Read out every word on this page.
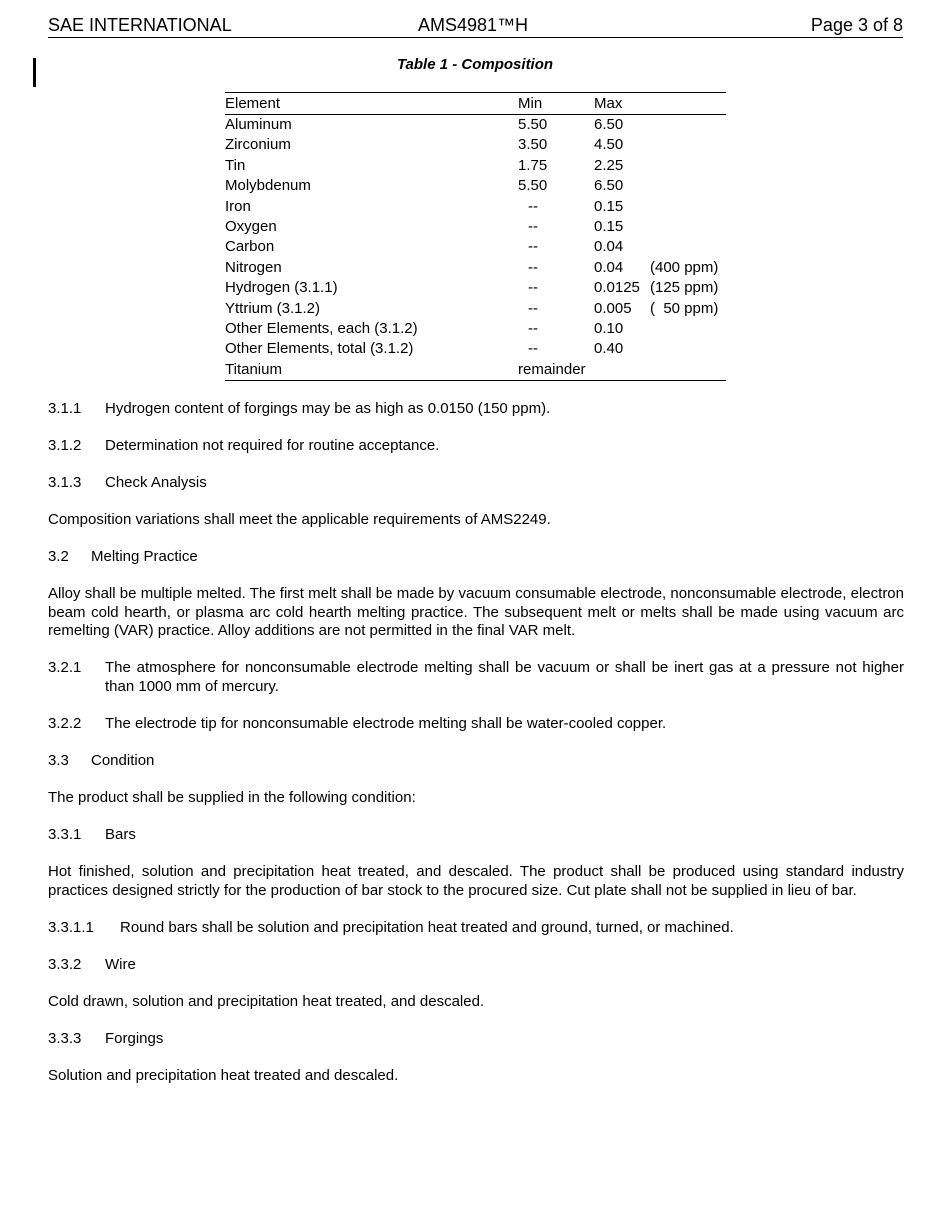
SAE INTERNATIONAL	AMS4981™H	Page 3 of 8
Table 1 - Composition
Element	Min	Max
Aluminum	5.50	6.50
Zirconium	3.50	4.50
Tin	1.75	2.25
Molybdenum	5.50	6.50
Iron	--	0.15
Oxygen	--	0.15
Carbon	--	0.04
Nitrogen	--	0.04 (400 ppm)
Hydrogen (3.1.1)	--	0.0125 (125 ppm)
Yttrium (3.1.2)	--	0.005 (  50 ppm)
Other Elements, each (3.1.2)	--	0.10
Other Elements, total (3.1.2)	--	0.40
Titanium	remainder
3.1.1 Hydrogen content of forgings may be as high as 0.0150 (150 ppm).
3.1.2 Determination not required for routine acceptance.
3.1.3 Check Analysis
Composition variations shall meet the applicable requirements of AMS2249.
3.2 Melting Practice
Alloy shall be multiple melted. The first melt shall be made by vacuum consumable electrode, nonconsumable electrode, electron beam cold hearth, or plasma arc cold hearth melting practice. The subsequent melt or melts shall be made using vacuum arc remelting (VAR) practice. Alloy additions are not permitted in the final VAR melt.
3.2.1 The atmosphere for nonconsumable electrode melting shall be vacuum or shall be inert gas at a pressure not higher than 1000 mm of mercury.
3.2.2 The electrode tip for nonconsumable electrode melting shall be water-cooled copper.
3.3 Condition
The product shall be supplied in the following condition:
3.3.1 Bars
Hot finished, solution and precipitation heat treated, and descaled. The product shall be produced using standard industry practices designed strictly for the production of bar stock to the procured size. Cut plate shall not be supplied in lieu of bar.
3.3.1.1 Round bars shall be solution and precipitation heat treated and ground, turned, or machined.
3.3.2 Wire
Cold drawn, solution and precipitation heat treated, and descaled.
3.3.3 Forgings
Solution and precipitation heat treated and descaled.
